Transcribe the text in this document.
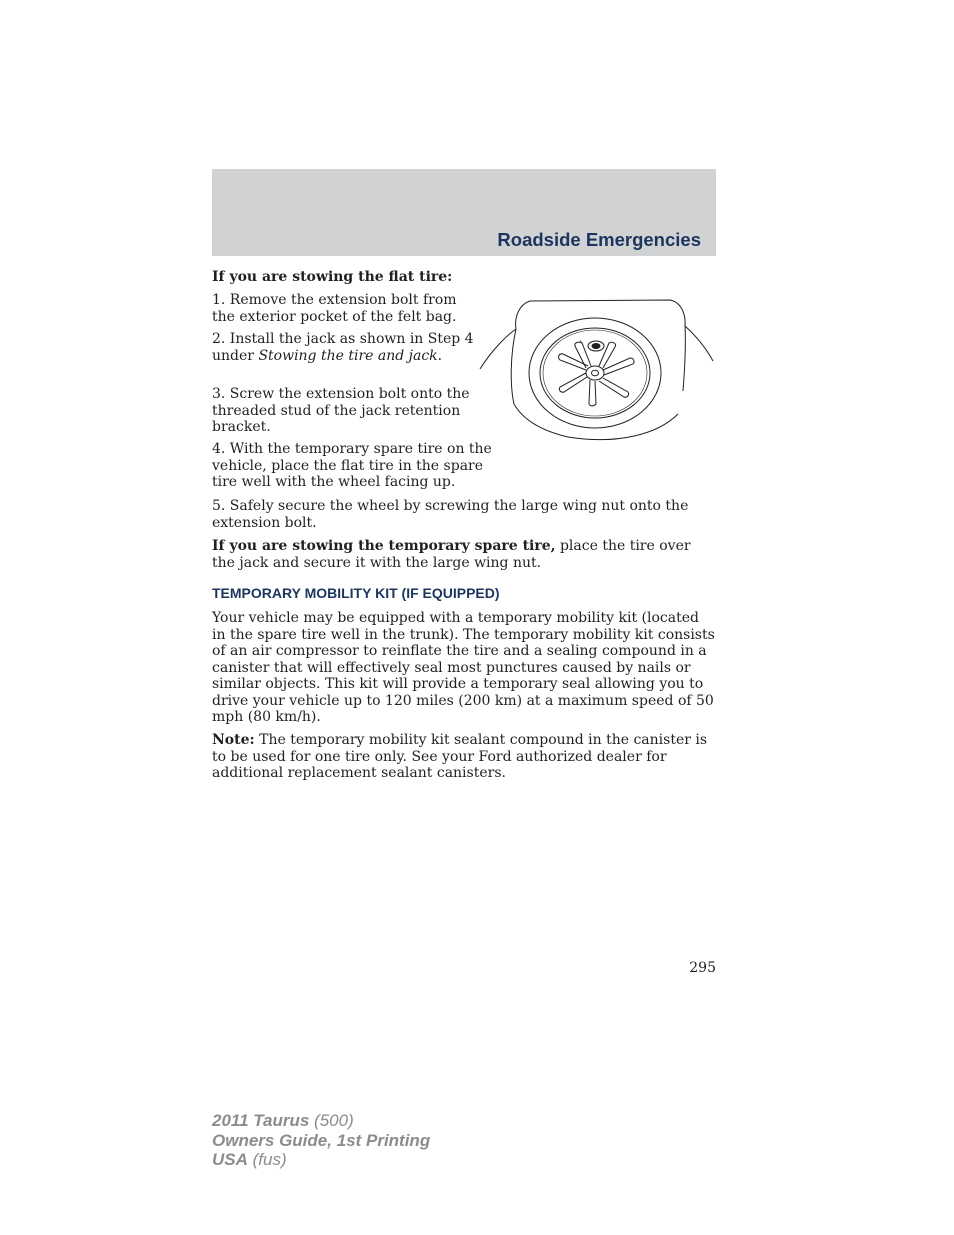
Roadside Emergencies

If you are stowing the flat tire:

1. Remove the extension bolt from the exterior pocket of the felt bag.

2. Install the jack as shown in Step 4 under Stowing the tire and jack.

3. Screw the extension bolt onto the threaded stud of the jack retention bracket.

4. With the temporary spare tire on the vehicle, place the flat tire in the spare tire well with the wheel facing up.

5. Safely secure the wheel by screwing the large wing nut onto the extension bolt.

If you are stowing the temporary spare tire, place the tire over the jack and secure it with the large wing nut.

TEMPORARY MOBILITY KIT (IF EQUIPPED)

Your vehicle may be equipped with a temporary mobility kit (located in the spare tire well in the trunk). The temporary mobility kit consists of an air compressor to reinflate the tire and a sealing compound in a canister that will effectively seal most punctures caused by nails or similar objects. This kit will provide a temporary seal allowing you to drive your vehicle up to 120 miles (200 km) at a maximum speed of 50 mph (80 km/h).

Note: The temporary mobility kit sealant compound in the canister is to be used for one tire only. See your Ford authorized dealer for additional replacement sealant canisters.

295
2011 Taurus (500)
Owners Guide, 1st Printing
USA (fus)
